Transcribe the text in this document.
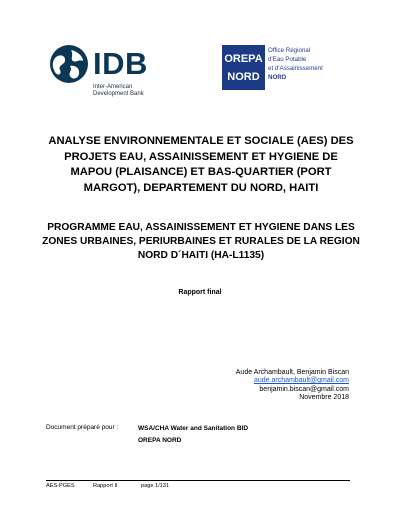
IDB
Inter-American
Development Bank
OREPA
NORD
Office Régional
d'Eau Potable
et d'Assainissement
NORD
ANALYSE ENVIRONNEMENTALE ET SOCIALE (AES) DES
PROJETS EAU, ASSAINISSEMENT ET HYGIENE DE
MAPOU (PLAISANCE) ET BAS-QUARTIER (PORT
MARGOT), DEPARTEMENT DU NORD, HAITI
PROGRAMME EAU, ASSAINISSEMENT ET HYGIENE DANS LES
ZONES URBAINES, PERIURBAINES ET RURALES DE LA REGION
NORD D´HAITI (HA-L1135)
Rapport final
Aude Archambault, Benjamin Biscan
aude.archambault@gmail.com
benjamin.biscan@gmail.com
Novembre 2018
Document préparé pour :	WSA/CHA Water and Sanitation BID
OREPA NORD
AES-PGES	Rapport II	page 1/131
